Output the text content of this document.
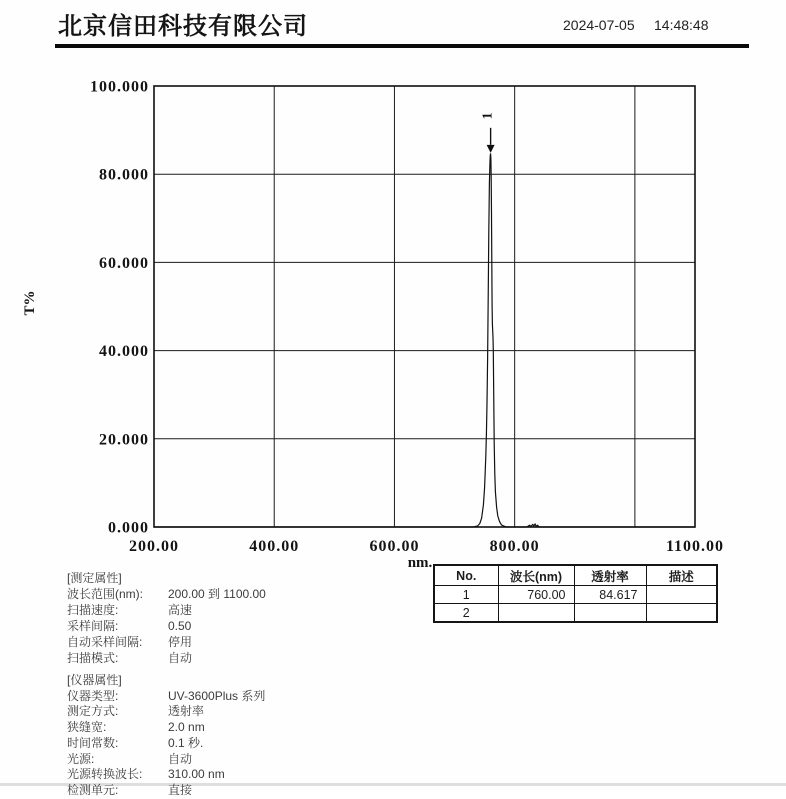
北京信田科技有限公司	2024-07-05 14:48:48
100.000
80.000
60.000
40.000
20.000
0.000
200.00	400.00	600.00	800.00	1100.00
T%
nm.
1
No.	波长(nm)	透射率	描述
1	760.00	84.617	
2			
[测定属性]
波长范围(nm): 200.00 到 1100.00
扫描速度:	高速
采样间隔:	0.50
自动采样间隔: 停用
扫描模式:	自动
[仪器属性]
仪器类型:	UV-3600Plus 系列
测定方式:	透射率
狭缝宽:	2.0 nm
时间常数:	0.1 秒.
光源:	自动
光源转换波长: 310.00 nm
检测单元:	直接
